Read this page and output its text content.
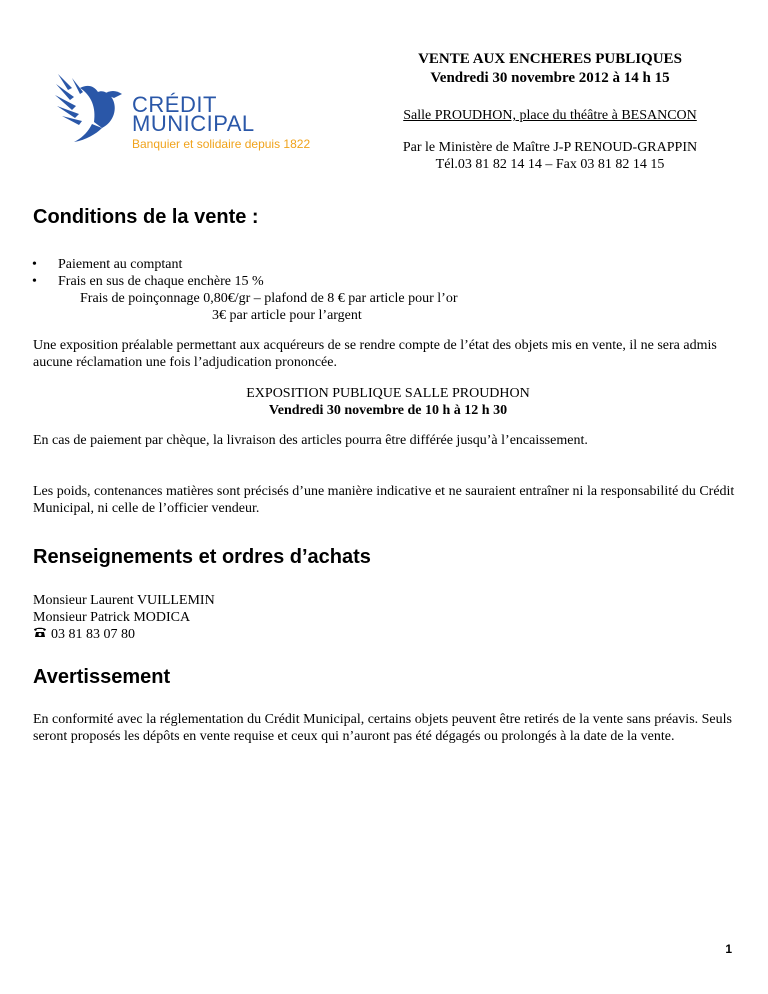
CRÉDIT
MUNICIPAL
Banquier et solidaire depuis 1822
VENTE AUX ENCHERES PUBLIQUES
Vendredi 30 novembre 2012 à 14 h 15
Salle PROUDHON, place du théâtre à BESANCON
Par le Ministère de Maître J-P RENOUD-GRAPPIN
Tél.03 81 82 14 14 – Fax 03 81 82 14 15
Conditions de la vente :
• Paiement au comptant
• Frais en sus de chaque enchère 15 %
Frais de poinçonnage 0,80€/gr – plafond de 8 € par article pour l’or
3€ par article pour l’argent

Une exposition préalable permettant aux acquéreurs de se rendre compte de l’état des objets mis en vente, il ne sera admis aucune réclamation une fois l’adjudication prononcée.

EXPOSITION PUBLIQUE SALLE PROUDHON
Vendredi 30 novembre de 10 h à 12 h 30

En cas de paiement par chèque, la livraison des articles pourra être différée jusqu’à l’encaissement.

Les poids, contenances matières sont précisés d’une manière indicative et ne sauraient entraîner ni la responsabilité du Crédit Municipal, ni celle de l’officier vendeur.

Renseignements et ordres d’achats
Monsieur Laurent VUILLEMIN
Monsieur Patrick MODICA
03 81 83 07 80
Avertissement

En conformité avec la réglementation du Crédit Municipal, certains objets peuvent être retirés de la vente sans préavis. Seuls seront proposés les dépôts en vente requise et ceux qui n’auront pas été dégagés ou prolongés à la date de la vente.

1
